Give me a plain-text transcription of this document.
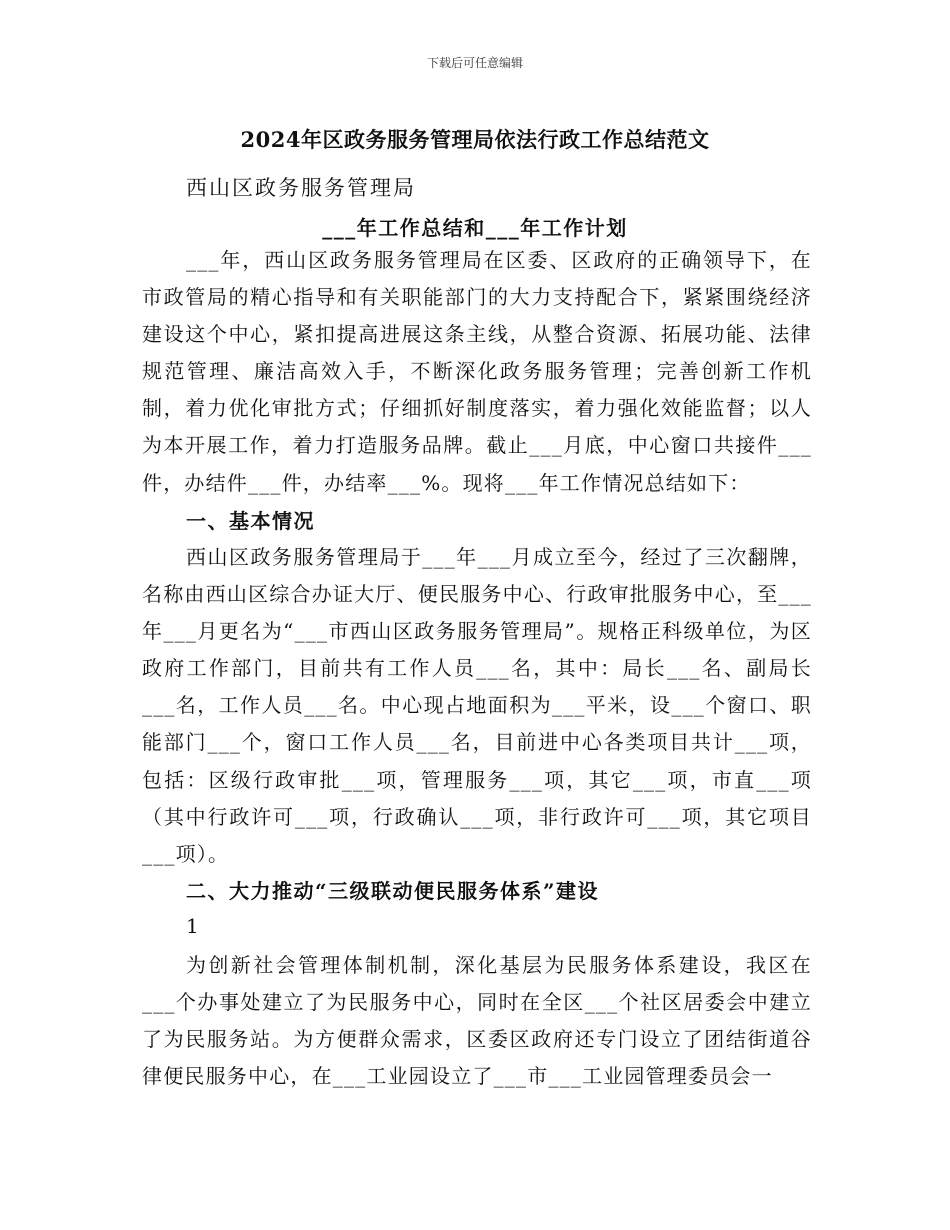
下载后可任意编辑
2024年区政务服务管理局依法行政工作总结范文
西山区政务服务管理局
___年工作总结和___年工作计划

___年，西山区政务服务管理局在区委、区政府的正确领导下，在市政管局的精心指导和有关职能部门的大力支持配合下，紧紧围绕经济建设这个中心，紧扣提高进展这条主线，从整合资源、拓展功能、法律规范管理、廉洁高效入手，不断深化政务服务管理；完善创新工作机制，着力优化审批方式；仔细抓好制度落实，着力强化效能监督；以人为本开展工作，着力打造服务品牌。截止___月底，中心窗口共接件___件，办结件___件，办结率___%。现将___年工作情况总结如下：

一、基本情况

西山区政务服务管理局于___年___月成立至今，经过了三次翻牌，名称由西山区综合办证大厅、便民服务中心、行政审批服务中心，至___年___月更名为“___市西山区政务服务管理局”。规格正科级单位，为区政府工作部门，目前共有工作人员___名，其中：局长___名、副局长___名，工作人员___名。中心现占地面积为___平米，设___个窗口、职能部门___个，窗口工作人员___名，目前进中心各类项目共计___项，包括：区级行政审批___项，管理服务___项，其它___项，市直___项（其中行政许可___项，行政确认___项，非行政许可___项，其它项目___项）。

二、大力推动“三级联动便民服务体系”建设
1

为创新社会管理体制机制，深化基层为民服务体系建设，我区在___个办事处建立了为民服务中心，同时在全区___个社区居委会中建立了为民服务站。为方便群众需求，区委区政府还专门设立了团结街道谷律便民服务中心，在___工业园设立了___市___工业园管理委员会一
